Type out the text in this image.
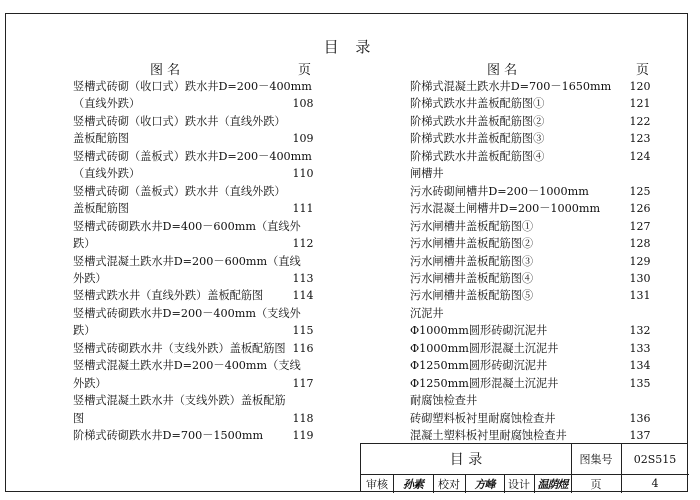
目 录
图 名	页	图 名	页
竖槽式砖砌（收口式）跌水井D=200－400mm
（直线外跌）	108
竖槽式砖砌（收口式）跌水井（直线外跌）
盖板配筋图	109
竖槽式砖砌（盖板式）跌水井D=200－400mm
（直线外跌）	110
竖槽式砖砌（盖板式）跌水井（直线外跌）
盖板配筋图	111
竖槽式砖砌跌水井D=400－600mm（直线外
跌）	112
竖槽式混凝土跌水井D=200－600mm（直线
外跌）	113
竖槽式跌水井（直线外跌）盖板配筋图	114
竖槽式砖砌跌水井D=200－400mm（支线外
跌）	115
竖槽式砖砌跌水井（支线外跌）盖板配筋图 116
竖槽式混凝土跌水井D=200－400mm（支线
外跌）	117
竖槽式混凝土跌水井（支线外跌）盖板配筋
图	118
阶梯式砖砌跌水井D=700－1500mm	119
阶梯式混凝土跌水井D=700－1650mm	120
阶梯式跌水井盖板配筋图①	121
阶梯式跌水井盖板配筋图②	122
阶梯式跌水井盖板配筋图③	123
阶梯式跌水井盖板配筋图④	124
闸槽井
污水砖砌闸槽井D=200－1000mm	125
污水混凝土闸槽井D=200－1000mm	126
污水闸槽井盖板配筋图①	127
污水闸槽井盖板配筋图②	128
污水闸槽井盖板配筋图③	129
污水闸槽井盖板配筋图④	130
污水闸槽井盖板配筋图⑤	131
沉泥井
Φ1000mm圆形砖砌沉泥井	132
Φ1000mm圆形混凝土沉泥井	133
Φ1250mm圆形砖砌沉泥井	134
Φ1250mm圆形混凝土沉泥井	135
耐腐蚀检查井
砖砌塑料板衬里耐腐蚀检查井	136
混凝土塑料板衬里耐腐蚀检查井	137
目 录	图集号	02S515
审核	孙素	校对	方峰	设计 温荫煜	页	4
